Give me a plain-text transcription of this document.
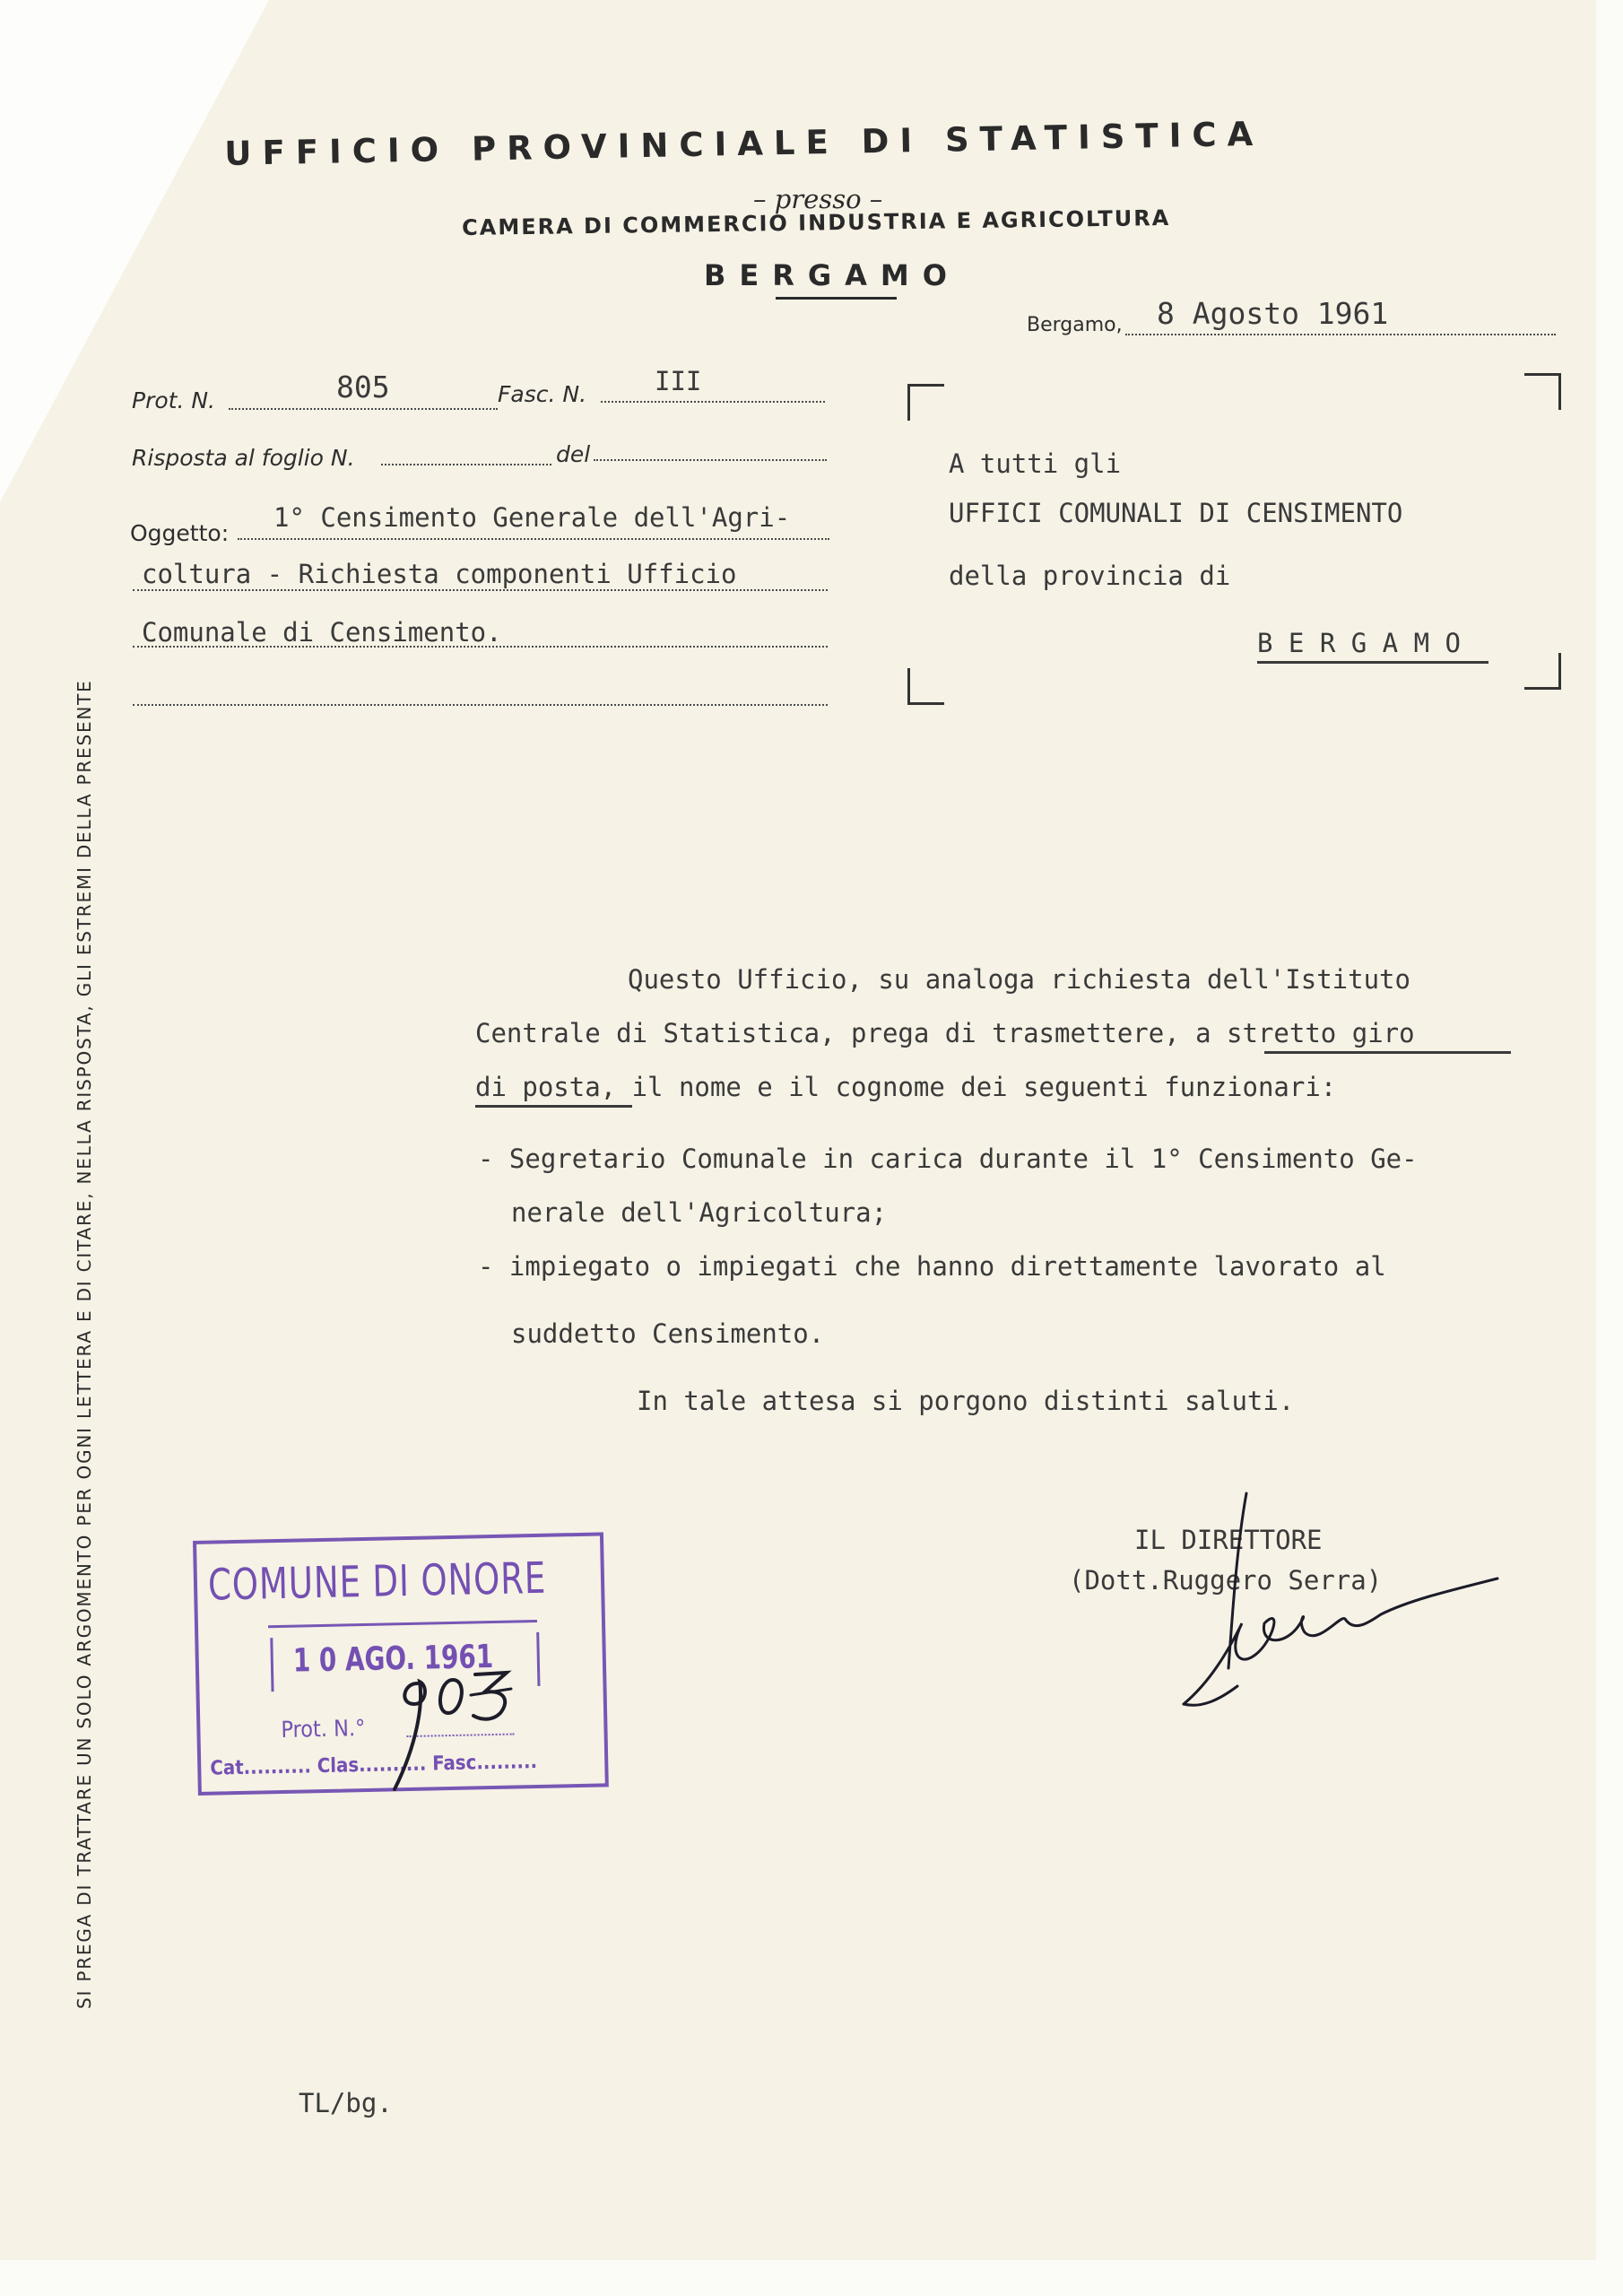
UFFICIO PROVINCIALE DI STATISTICA
– presso –
CAMERA DI COMMERCIO INDUSTRIA E AGRICOLTURA
BERGAMO
Bergamo, 8 Agosto 1961
Prot. N.	805	Fasc. N.	III
Risposta al foglio N.	del
Oggetto:
1° Censimento Generale dell'Agri-
coltura - Richiesta componenti Ufficio
Comunale di Censimento.
A tutti gli
UFFICI COMUNALI DI CENSIMENTO
della provincia di
B E R G A M O
Questo Ufficio, su analoga richiesta dell'Istituto
Centrale di Statistica, prega di trasmettere, a stretto giro
di posta, il nome e il cognome dei seguenti funzionari:
- Segretario Comunale in carica durante il 1° Censimento Ge-
nerale dell'Agricoltura;
- impiegato o impiegati che hanno direttamente lavorato al
suddetto Censimento.
In tale attesa si porgono distinti saluti.
IL DIRETTORE
(Dott.Ruggero Serra)
COMUNE DI ONORE
1 0 AGO. 1961
Prot. N.°
Cat.......... Clas.......... Fasc.........
SI PREGA DI TRATTARE UN SOLO ARGOMENTO PER OGNI LETTERA E DI CITARE, NELLA RISPOSTA, GLI ESTREMI DELLA PRESENTE
TL/bg.
